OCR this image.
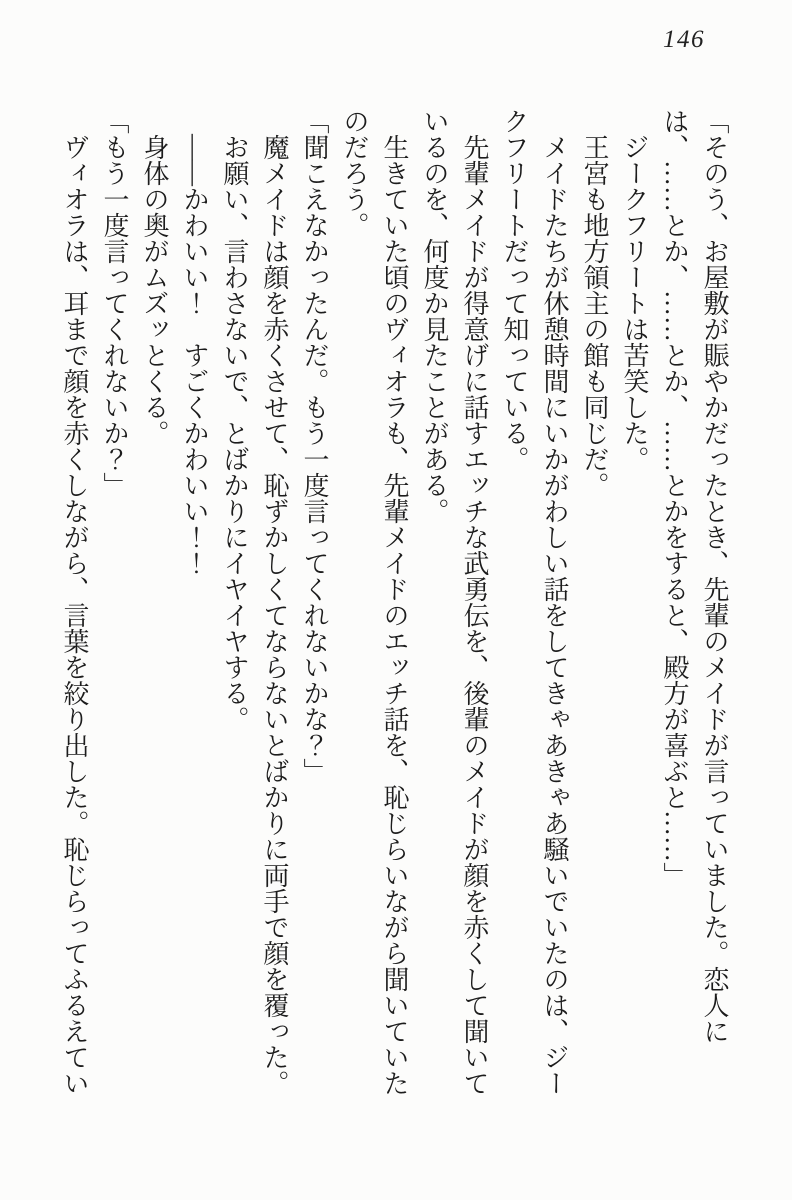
146

「そのう、お屋敷が賑やかだったとき、先輩のメイドが言っていました。恋人には、……とか、……とか、……とかをすると、殿方が喜ぶと……」

ジークフリートは苦笑した。

王宮も地方領主の館も同じだ。

メイドたちが休憩時間にいかがわしい話をしてきゃあきゃあ騒いでいたのは、ジークフリートだって知っている。

先輩メイドが得意げに話すエッチな武勇伝を、後輩のメイドが顔を赤くして聞いているのを、何度か見たことがある。

生きていた頃のヴィオラも、先輩メイドのエッチ話を、恥じらいながら聞いていたのだろう。

「聞こえなかったんだ。もう一度言ってくれないかな？」

魔メイドは顔を赤くさせて、恥ずかしくてならないとばかりに両手で顔を覆った。

お願い、言わさないで、とばかりにイヤイヤする。

――かわいい！　すごくかわいい！！

身体の奥がムズッとくる。

「もう一度言ってくれないか？」

ヴィオラは、耳まで顔を赤くしながら、言葉を絞り出した。恥じらってふるえてい
